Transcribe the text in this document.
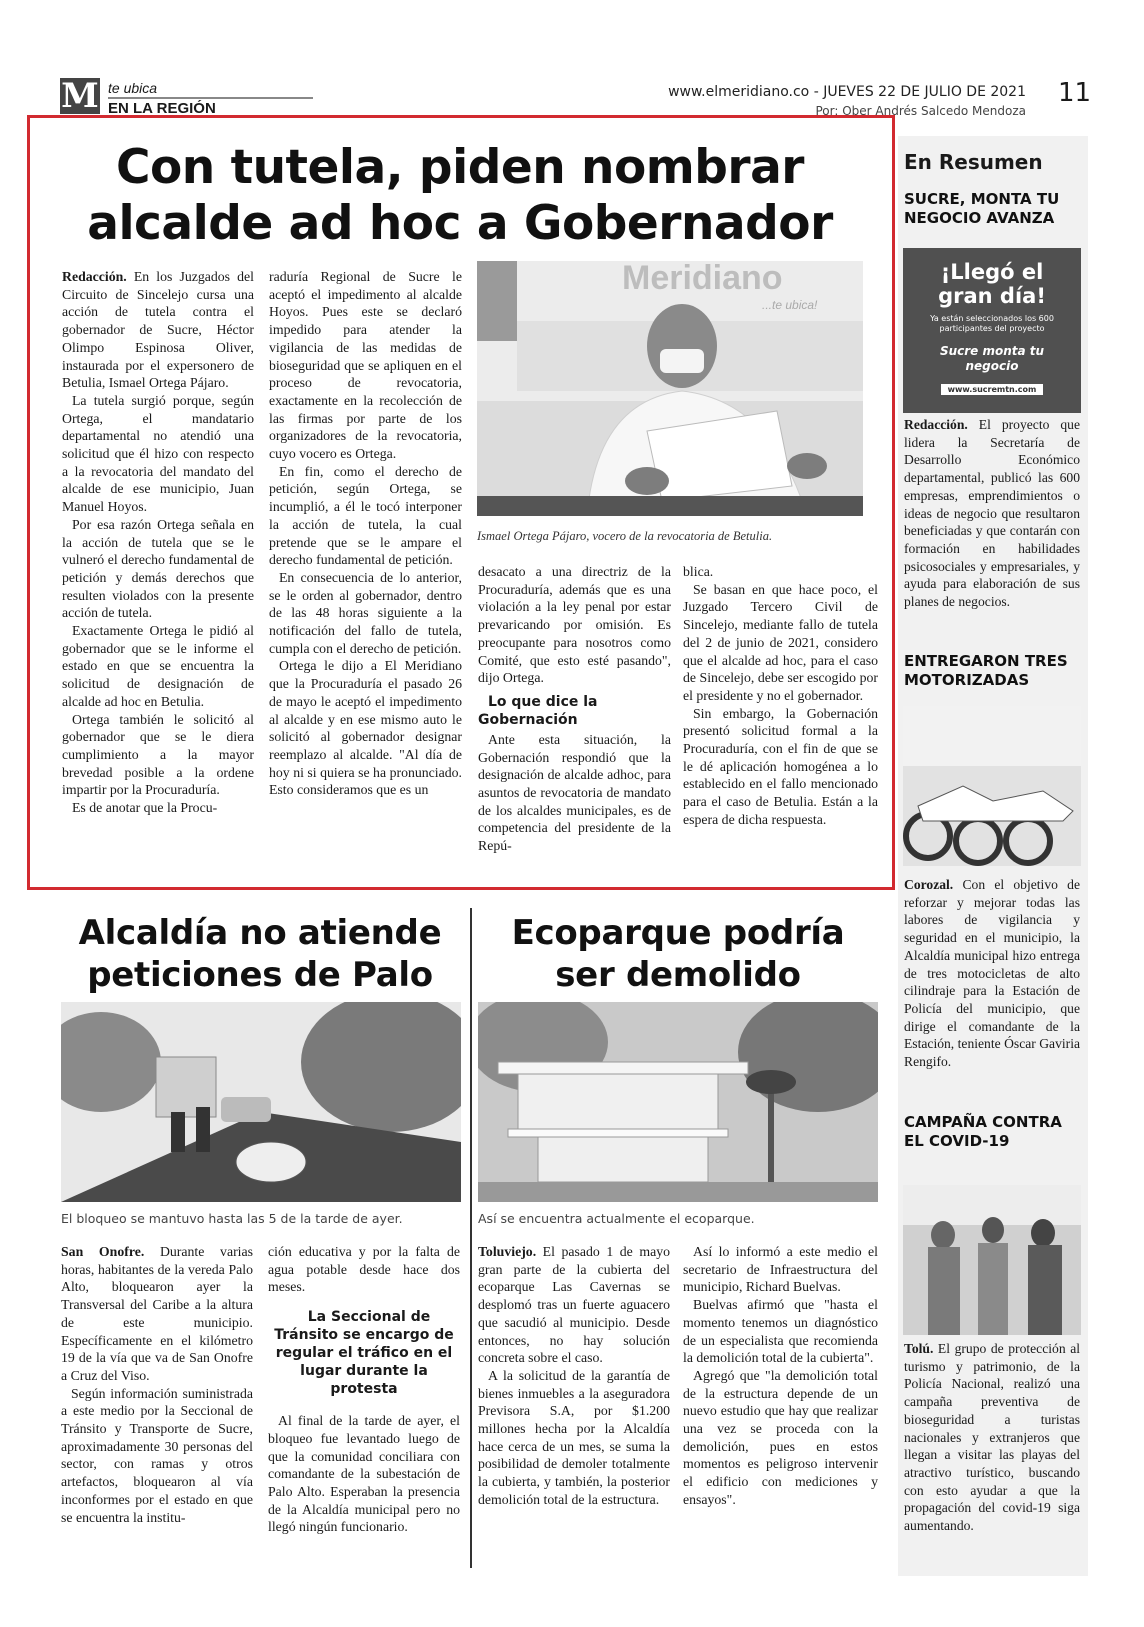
M te ubica
EN LA REGIÓN
www.elmeridiano.co - JUEVES 22 DE JULIO DE 2021
Por: Ober Andrés Salcedo Mendoza
11
Con tutela, piden nombrar alcalde ad hoc a Gobernador

Redacción. En los Juzgados del Circuito de Sincelejo cursa una acción de tutela contra el gobernador de Sucre, Héctor Olimpo Espinosa Oliver, instaurada por el expersonero de Betulia, Ismael Ortega Pájaro.

La tutela surgió porque, según Ortega, el mandatario departamental no atendió una solicitud que él hizo con respecto a la revocatoria del mandato del alcalde de ese municipio, Juan Manuel Hoyos.

Por esa razón Ortega señala en la acción de tutela que se le vulneró el derecho fundamental de petición y demás derechos que resulten violados con la presente acción de tutela.

Exactamente Ortega le pidió al gobernador que se le informe el estado en que se encuentra la solicitud de designación de alcalde ad hoc en Betulia.

Ortega también le solicitó al gobernador que se le diera cumplimiento a la mayor brevedad posible a la ordene impartir por la Procuraduría.

Es de anotar que la Procu-

raduría Regional de Sucre le aceptó el impedimento al alcalde Hoyos. Pues este se declaró impedido para atender la vigilancia de las medidas de bioseguridad que se apliquen en el proceso de revocatoria, exactamente en la recolección de las firmas por parte de los organizadores de la revocatoria, cuyo vocero es Ortega.

En fin, como el derecho de petición, según Ortega, se incumplió, a él le tocó interponer la acción de tutela, la cual pretende que se le ampare el derecho fundamental de petición.

En consecuencia de lo anterior, se le orden al gobernador, dentro de las 48 horas siguiente a la notificación del fallo de tutela, cumpla con el derecho de petición.

Ortega le dijo a El Meridiano que la Procuraduría el pasado 26 de mayo le aceptó el impedimento al alcalde y en ese mismo auto le solicitó al gobernador designar reemplazo al alcalde. "Al día de hoy ni si quiera se ha pronunciado. Esto consideramos que es un

Meridiano
...te ubica!
Ismael Ortega Pájaro, vocero de la revocatoria de Betulia.

desacato a una directriz de la Procuraduría, además que es una violación a la ley penal por estar prevaricando por omisión. Es preocupante para nosotros como Comité, que esto esté pasando", dijo Ortega.

Lo que dice la Gobernación

Ante esta situación, la Gobernación respondió que la designación de alcalde adhoc, para asuntos de revocatoria de mandato de los alcaldes municipales, es de competencia del presidente de la Repú-

blica.

Se basan en que hace poco, el Juzgado Tercero Civil de Sincelejo, mediante fallo de tutela del 2 de junio de 2021, considero que el alcalde ad hoc, para el caso de Sincelejo, debe ser escogido por el presidente y no el gobernador.

Sin embargo, la Gobernación presentó solicitud formal a la Procuraduría, con el fin de que se le dé aplicación homogénea a lo establecido en el fallo mencionado para el caso de Betulia. Están a la espera de dicha respuesta.

En Resumen
SUCRE, MONTA TU NEGOCIO AVANZA
¡Llegó el gran día!
Ya están seleccionados los 600 participantes del proyecto
Sucre monta tu negocio
www.sucremtn.com
Redacción. El proyecto que lidera la Secretaría de Desarrollo Económico departamental, publicó las 600 empresas, emprendimientos o ideas de negocio que resultaron beneficiadas y que contarán con formación en habilidades psicosociales y empresariales, y ayuda para elaboración de sus planes de negocios.
ENTREGARON TRES MOTORIZADAS
Corozal. Con el objetivo de reforzar y mejorar todas las labores de vigilancia y seguridad en el municipio, la Alcaldía municipal hizo entrega de tres motocicletas de alto cilindraje para la Estación de Policía del municipio, que dirige el comandante de la Estación, teniente Óscar Gaviria Rengifo.
CAMPAÑA CONTRA EL COVID-19
Tolú. El grupo de protección al turismo y patrimonio, de la Policía Nacional, realizó una campaña preventiva de bioseguridad a turistas nacionales y extranjeros que llegan a visitar las playas del atractivo turístico, buscando con esto ayudar a que la propagación del covid-19 siga aumentando.
Alcaldía no atiende peticiones de Palo
El bloqueo se mantuvo hasta las 5 de la tarde de ayer.

San Onofre. Durante varias horas, habitantes de la vereda Palo Alto, bloquearon ayer la Transversal del Caribe a la altura de este municipio. Específicamente en el kilómetro 19 de la vía que va de San Onofre a Cruz del Viso.

Según información suministrada a este medio por la Seccional de Tránsito y Transporte de Sucre, aproximadamente 30 personas del sector, con ramas y otros artefactos, bloquearon al vía inconformes por el estado en que se encuentra la institu-

ción educativa y por la falta de agua potable desde hace dos meses.

La Seccional de Tránsito se encargo de regular el tráfico en el lugar durante la protesta

Al final de la tarde de ayer, el bloqueo fue levantado luego de que la comunidad conciliara con comandante de la subestación de Palo Alto. Esperaban la presencia de la Alcaldía municipal pero no llegó ningún funcionario.

Ecoparque podría ser demolido
Así se encuentra actualmente el ecoparque.

Toluviejo. El pasado 1 de mayo gran parte de la cubierta del ecoparque Las Cavernas se desplomó tras un fuerte aguacero que sacudió al municipio. Desde entonces, no hay solución concreta sobre el caso.

A la solicitud de la garantía de bienes inmuebles a la aseguradora Previsora S.A, por $1.200 millones hecha por la Alcaldía hace cerca de un mes, se suma la posibilidad de demoler totalmente la cubierta, y también, la posterior demolición total de la estructura.

Así lo informó a este medio el secretario de Infraestructura del municipio, Richard Buelvas.

Buelvas afirmó que "hasta el momento tenemos un diagnóstico de un especialista que recomienda la demolición total de la cubierta".

Agregó que "la demolición total de la estructura depende de un nuevo estudio que hay que realizar una vez se proceda con la demolición, pues en estos momentos es peligroso intervenir el edificio con mediciones y ensayos".
